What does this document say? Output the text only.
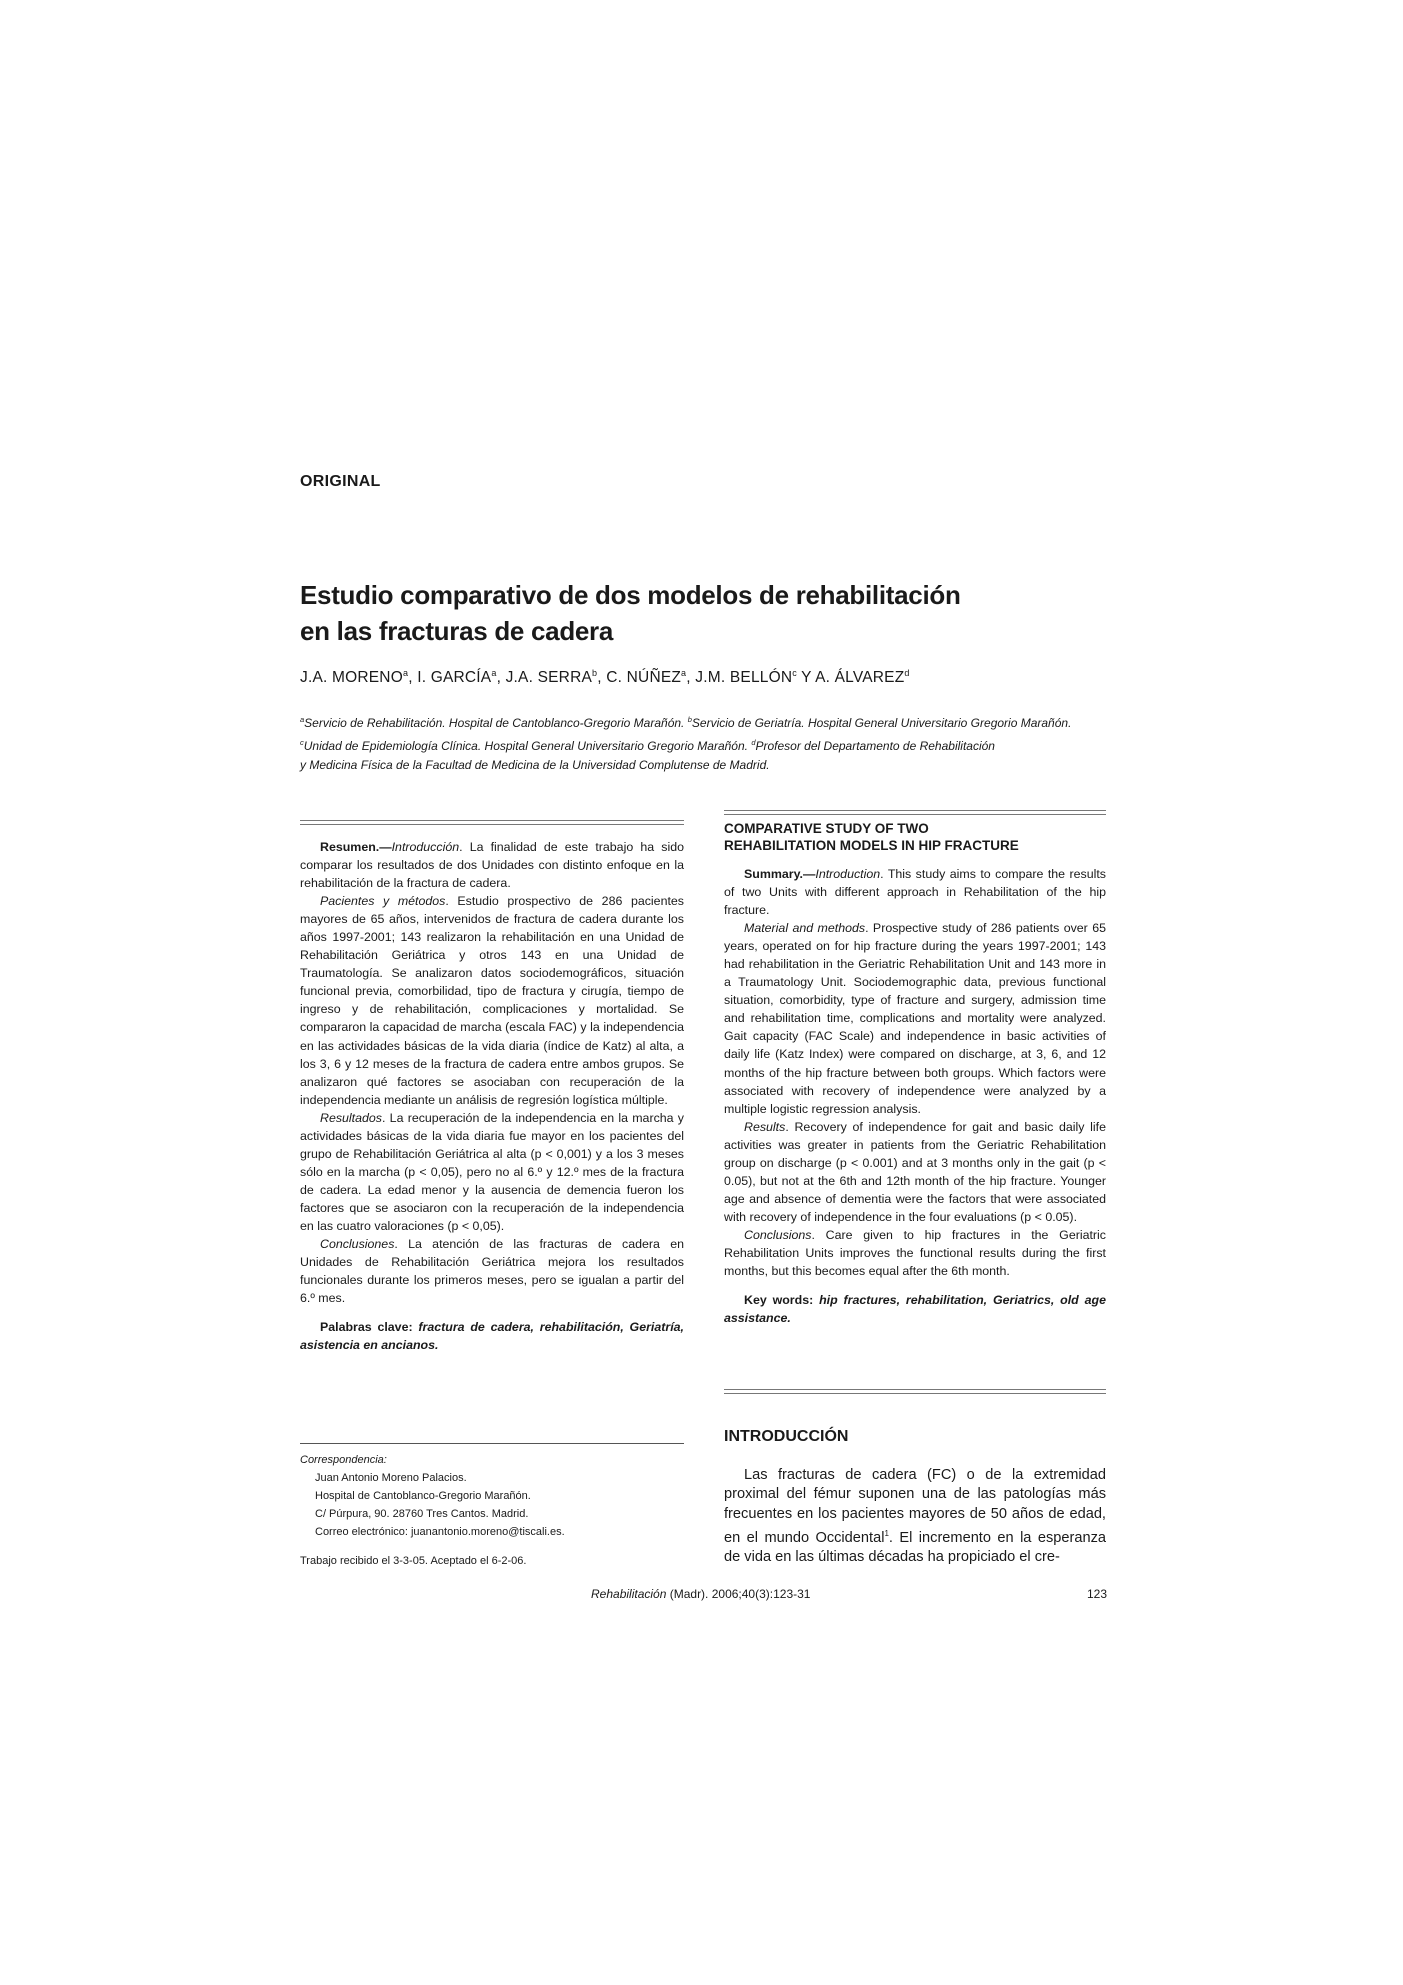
ORIGINAL
Estudio comparativo de dos modelos de rehabilitación
en las fracturas de cadera
J.A. MORENO$^a$, I. GARCÍA$^a$, J.A. SERRA$^b$, C. NÚÑEZ$^a$, J.M. BELLÓN$^c$ Y A. ÁLVAREZ$^d$
$^a$Servicio de Rehabilitación. Hospital de Cantoblanco-Gregorio Marañón. $^b$Servicio de Geriatría. Hospital General Universitario Gregorio Marañón.
$^c$Unidad de Epidemiología Clínica. Hospital General Universitario Gregorio Marañón. $^d$Profesor del Departamento de Rehabilitación
y Medicina Física de la Facultad de Medicina de la Universidad Complutense de Madrid.

Resumen.—Introducción. La finalidad de este trabajo ha sido comparar los resultados de dos Unidades con distinto enfoque en la rehabilitación de la fractura de cadera.

Pacientes y métodos. Estudio prospectivo de 286 pacientes mayores de 65 años, intervenidos de fractura de cadera durante los años 1997-2001; 143 realizaron la rehabilitación en una Unidad de Rehabilitación Geriátrica y otros 143 en una Unidad de Traumatología. Se analizaron datos sociodemográficos, situación funcional previa, comorbilidad, tipo de fractura y cirugía, tiempo de ingreso y de rehabilitación, complicaciones y mortalidad. Se compararon la capacidad de marcha (escala FAC) y la independencia en las actividades básicas de la vida diaria (índice de Katz) al alta, a los 3, 6 y 12 meses de la fractura de cadera entre ambos grupos. Se analizaron qué factores se asociaban con recuperación de la independencia mediante un análisis de regresión logística múltiple.

Resultados. La recuperación de la independencia en la marcha y actividades básicas de la vida diaria fue mayor en los pacientes del grupo de Rehabilitación Geriátrica al alta (p < 0,001) y a los 3 meses sólo en la marcha (p < 0,05), pero no al 6.º y 12.º mes de la fractura de cadera. La edad menor y la ausencia de demencia fueron los factores que se asociaron con la recuperación de la independencia en las cuatro valoraciones (p < 0,05).

Conclusiones. La atención de las fracturas de cadera en Unidades de Rehabilitación Geriátrica mejora los resultados funcionales durante los primeros meses, pero se igualan a partir del 6.º mes.

Palabras clave: fractura de cadera, rehabilitación, Geriatría, asistencia en ancianos.

Correspondencia:
Juan Antonio Moreno Palacios.
Hospital de Cantoblanco-Gregorio Marañón.
C/ Púrpura, 90. 28760 Tres Cantos. Madrid.
Correo electrónico: juanantonio.moreno@tiscali.es.
Trabajo recibido el 3-3-05. Aceptado el 6-2-06.
COMPARATIVE STUDY OF TWO
REHABILITATION MODELS IN HIP FRACTURE

Summary.—Introduction. This study aims to compare the results of two Units with different approach in Rehabilitation of the hip fracture.

Material and methods. Prospective study of 286 patients over 65 years, operated on for hip fracture during the years 1997-2001; 143 had rehabilitation in the Geriatric Rehabilitation Unit and 143 more in a Traumatology Unit. Sociodemographic data, previous functional situation, comorbidity, type of fracture and surgery, admission time and rehabilitation time, complications and mortality were analyzed. Gait capacity (FAC Scale) and independence in basic activities of daily life (Katz Index) were compared on discharge, at 3, 6, and 12 months of the hip fracture between both groups. Which factors were associated with recovery of independence were analyzed by a multiple logistic regression analysis.

Results. Recovery of independence for gait and basic daily life activities was greater in patients from the Geriatric Rehabilitation group on discharge (p < 0.001) and at 3 months only in the gait (p < 0.05), but not at the 6th and 12th month of the hip fracture. Younger age and absence of dementia were the factors that were associated with recovery of independence in the four evaluations (p < 0.05).

Conclusions. Care given to hip fractures in the Geriatric Rehabilitation Units improves the functional results during the first months, but this becomes equal after the 6th month.

Key words: hip fractures, rehabilitation, Geriatrics, old age assistance.

INTRODUCCIÓN

Las fracturas de cadera (FC) o de la extremidad proximal del fémur suponen una de las patologías más frecuentes en los pacientes mayores de 50 años de edad, en el mundo Occidental$^1$. El incremento en la esperanza de vida en las últimas décadas ha propiciado el cre-

Rehabilitación (Madr). 2006;40(3):123-31	123
